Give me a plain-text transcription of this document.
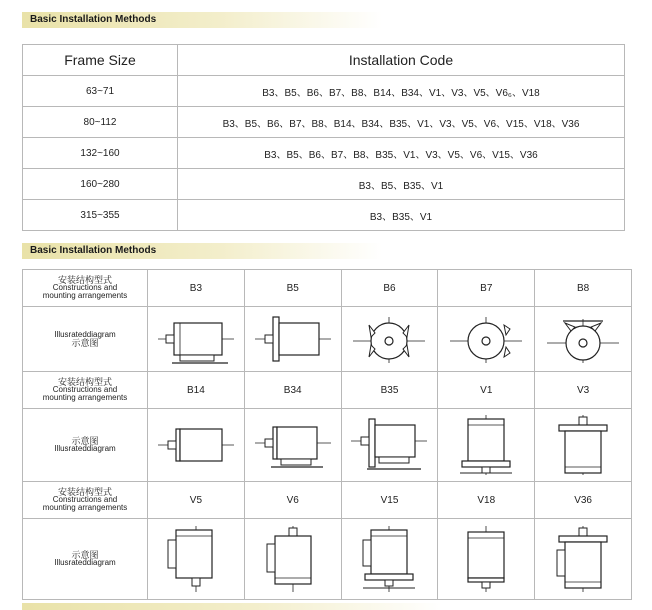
Basic Installation Methods
Frame Size	Installation Code
63~71	B3、B5、B6、B7、B8、B14、B34、V1、V3、V5、V6₆、V18
80~112	B3、B5、B6、B7、B8、B14、B34、B35、V1、V3、V5、V6、V15、V18、V36
132~160	B3、B5、B6、B7、B8、B35、V1、V3、V5、V6、V15、V36
160~280	B3、B5、B35、V1
315~355	B3、B35、V1
Basic Installation Methods
安装结构型式
Constructions and
mounting arrangements	B3	B5	B6	B7	B8

Illusrateddiagram
示意图

安装结构型式
Constructions and
mounting arrangements	B14	B34	B35	V1	V3

示意图
Illusrateddiagram

安装结构型式
Constructions and
mounting arrangements	V5	V6	V15	V18	V36

示意图
Illusrateddiagram
